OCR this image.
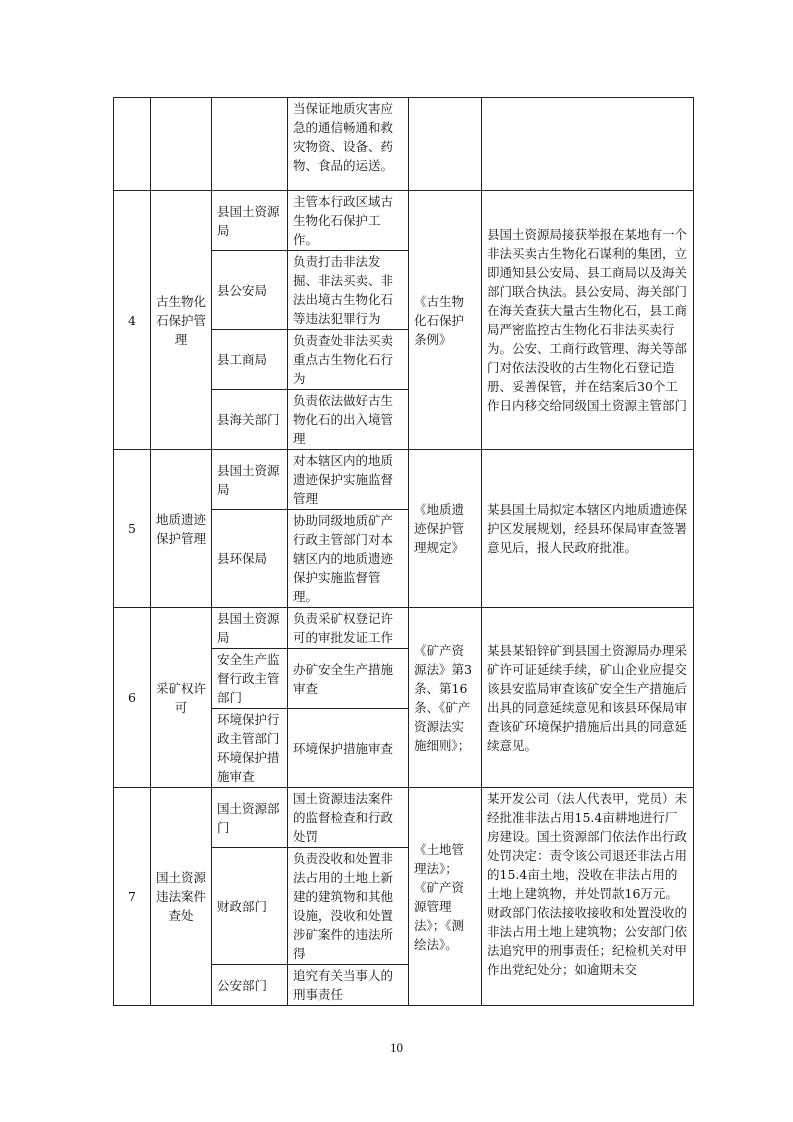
			当保证地质灾害应急的通信畅通和救灾物资、设备、药物、食品的运送。		

4	古生物化石保护管理	县国土资源局	主管本行政区域古生物化石保护工作。	《古生物化石保护条例》	县国土资源局接获举报在某地有一个非法买卖古生物化石谋利的集团，立即通知县公安局、县工商局以及海关部门联合执法。县公安局、海关部门在海关查获大量古生物化石，县工商局严密监控古生物化石非法买卖行为。公安、工商行政管理、海关等部门对依法没收的古生物化石登记造册、妥善保管，并在结案后30个工作日内移交给同级国土资源主管部门
		县公安局	负责打击非法发掘、非法买卖、非法出境古生物化石等违法犯罪行为		
		县工商局	负责查处非法买卖重点古生物化石行为		
		县海关部门	负责依法做好古生物化石的出入境管理		
5	地质遗迹保护管理	县国土资源局	对本辖区内的地质遗迹保护实施监督管理	《地质遗迹保护管理规定》	某县国土局拟定本辖区内地质遗迹保护区发展规划，经县环保局审查签署意见后，报人民政府批准。
		县环保局	协助同级地质矿产行政主管部门对本辖区内的地质遗迹保护实施监督管理。		
6	采矿权许可	县国土资源局	负责采矿权登记许可的审批发证工作	《矿产资源法》第3条、第16条、《矿产资源法实施细则》；	某县某铅锌矿到县国土资源局办理采矿许可证延续手续，矿山企业应提交该县安监局审查该矿安全生产措施后出具的同意延续意见和该县环保局审查该矿环境保护措施后出具的同意延续意见。
		安全生产监督行政主管部门	办矿安全生产措施审查		
		环境保护行政主管部门环境保护措施审查	环境保护措施审查		
7	国土资源违法案件查处	国土资源部门	国土资源违法案件的监督检查和行政处罚	《土地管理法》；《矿产资源管理法》；《测绘法》。	某开发公司（法人代表甲，党员）未经批准非法占用15.4亩耕地进行厂房建设。国土资源部门依法作出行政处罚决定：责令该公司退还非法占用的15.4亩土地，没收在非法占用的土地上建筑物，并处罚款16万元。财政部门依法接收接收和处置没收的非法占用土地上建筑物；公安部门依法追究甲的刑事责任；纪检机关对甲作出党纪处分；如逾期未交
		财政部门	负责没收和处置非法占用的土地上新建的建筑物和其他设施，没收和处置涉矿案件的违法所得		
		公安部门	追究有关当事人的刑事责任		
10
